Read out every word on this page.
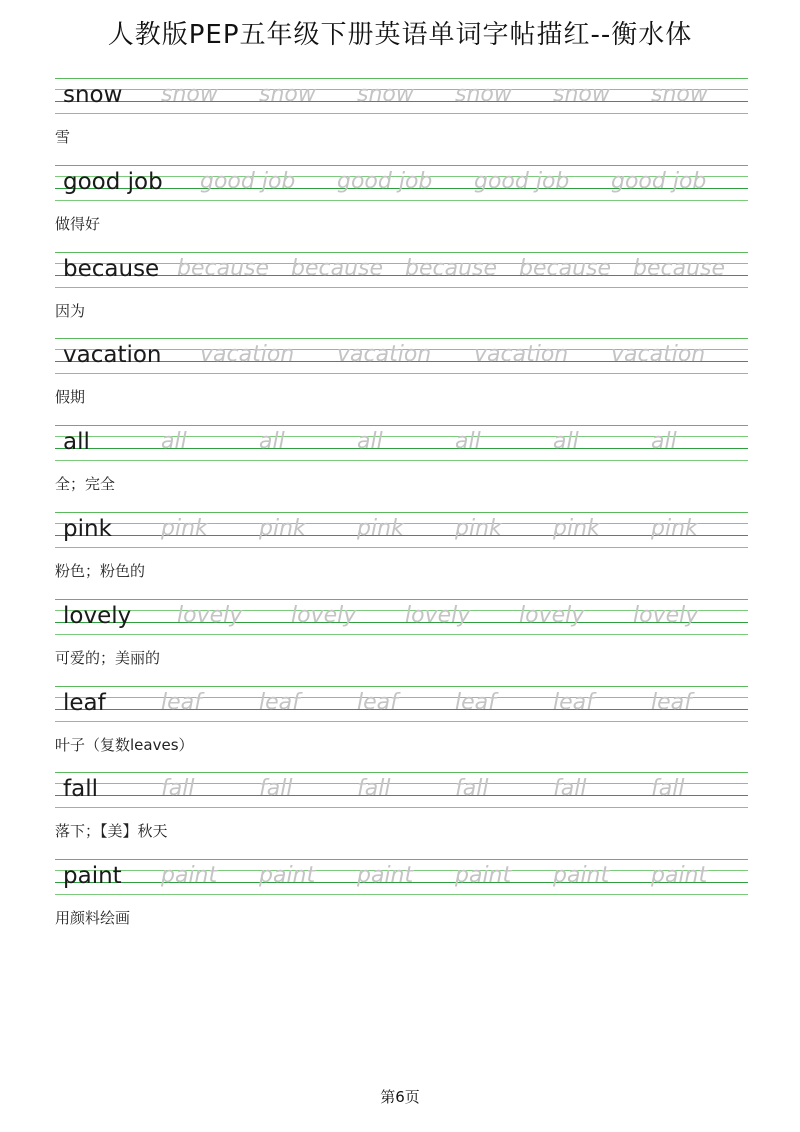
人教版PEP五年级下册英语单词字帖描红--衡水体
snow snow snow snow snow snow snow
雪
good job good job good job good job good job
做得好
because because because because because because
因为
vacation vacation vacation vacation vacation
假期
all	all	all	all	all	all	all
全；完全
pink pink pink pink pink pink pink
粉色；粉色的
lovely lovely lovely lovely lovely lovely
可爱的；美丽的
leaf	leaf	leaf	leaf	leaf	leaf	leaf
叶子（复数leaves）
fall	fall	fall	fall	fall	fall	fall
落下；【美】秋天
paint paint paint paint paint paint paint
用颜料绘画
第6页
